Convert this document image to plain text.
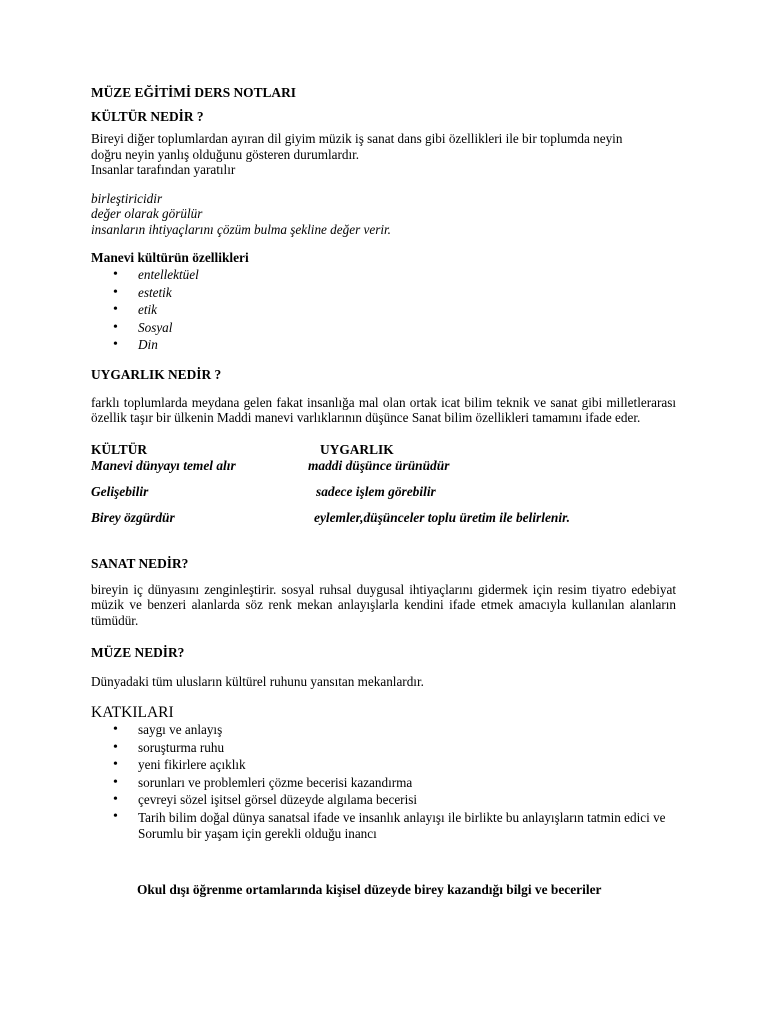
MÜZE EĞİTİMİ DERS NOTLARI

KÜLTÜR NEDİR ?

Bireyi diğer toplumlardan ayıran dil giyim müzik iş sanat dans gibi özellikleri ile bir toplumda neyin

doğru neyin yanlış olduğunu gösteren durumlardır.

Insanlar tarafından yaratılır

birleştiricidir

değer olarak görülür

insanların ihtiyaçlarını çözüm bulma şekline değer verir.

Manevi kültürün özellikleri

• entellektüel
• estetik
• etik
• Sosyal
• Din

UYGARLIK NEDİR ?

farklı toplumlarda meydana gelen fakat insanlığa mal olan ortak icat bilim teknik ve sanat gibi milletlerarası özellik taşır bir ülkenin Maddi manevi varlıklarının düşünce Sanat bilim özellikleri tamamını ifade eder.

KÜLTÜR	UYGARLIK
Manevi dünyayı temel alır	maddi düşünce ürünüdür
Gelişebilir	sadece işlem görebilir
Birey özgürdür	eylemler,düşünceler toplu üretim ile belirlenir.

SANAT NEDİR?

bireyin iç dünyasını zenginleştirir. sosyal ruhsal duygusal ihtiyaçlarını gidermek için resim tiyatro edebiyat müzik ve benzeri alanlarda söz renk mekan anlayışlarla kendini ifade etmek amacıyla kullanılan alanların tümüdür.

MÜZE NEDİR?

Dünyadaki tüm ulusların kültürel ruhunu yansıtan mekanlardır.

KATKILARI

• saygı ve anlayış
• soruşturma ruhu
• yeni fikirlere açıklık
• sorunları ve problemleri çözme becerisi kazandırma
• çevreyi sözel işitsel görsel düzeyde algılama becerisi
• Tarih bilim doğal dünya sanatsal ifade ve insanlık anlayışı ile birlikte bu anlayışların tatmin edici ve Sorumlu bir yaşam için gerekli olduğu inancı

Okul dışı öğrenme ortamlarında kişisel düzeyde birey kazandığı bilgi ve beceriler
